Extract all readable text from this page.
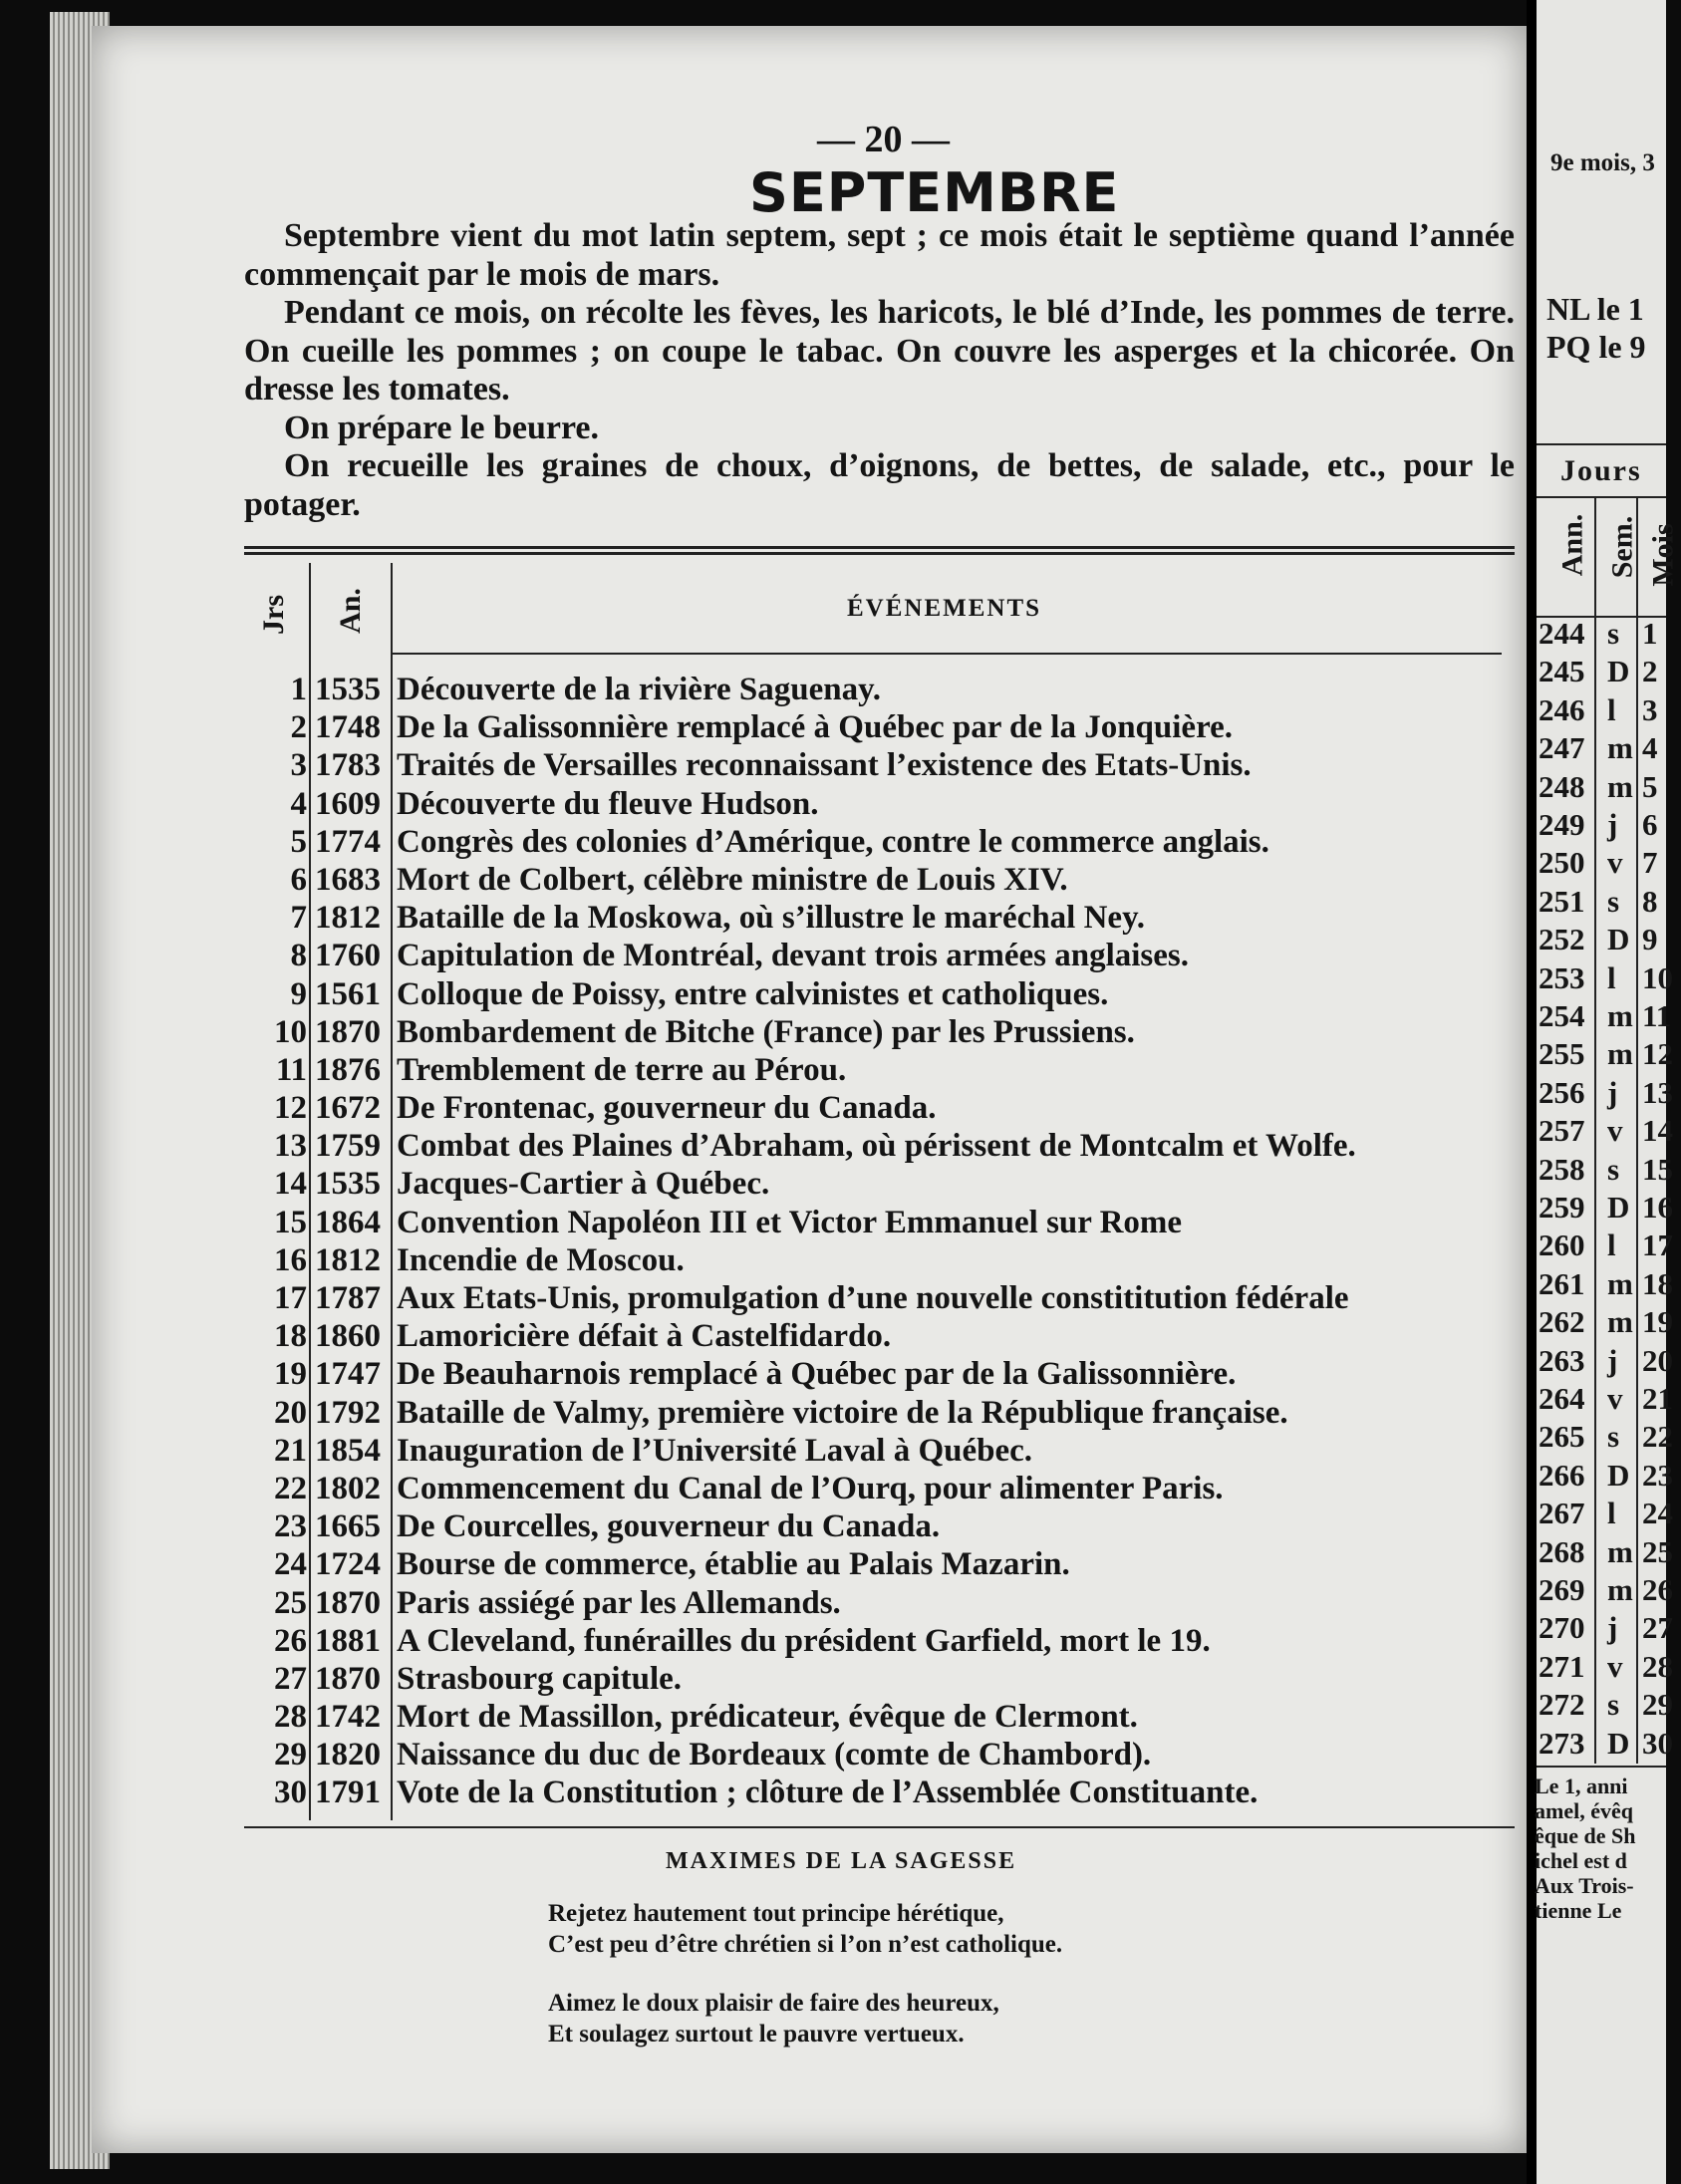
— 20 —
SEPTEMBRE

Septembre vient du mot latin septem, sept ; ce mois était le septième quand l’année commençait par le mois de mars.

Pendant ce mois, on récolte les fèves, les haricots, le blé d’Inde, les pommes de terre. On cueille les pommes ; on coupe le tabac. On couvre les asperges et la chicorée. On dresse les tomates.

On prépare le beurre.

On recueille les graines de choux, d’oignons, de bettes, de salade, etc., pour le potager.

Jrs An.	ÉVÉNEMENTS
1 1535 Découverte de la rivière Saguenay.
2 1748 De la Galissonnière remplacé à Québec par de la Jonquière.
3 1783 Traités de Versailles reconnaissant l’existence des Etats-Unis.
4 1609 Découverte du fleuve Hudson.
5 1774 Congrès des colonies d’Amérique, contre le commerce anglais.
6 1683 Mort de Colbert, célèbre ministre de Louis XIV.
7 1812 Bataille de la Moskowa, où s’illustre le maréchal Ney.
8 1760 Capitulation de Montréal, devant trois armées anglaises.
9 1561 Colloque de Poissy, entre calvinistes et catholiques.
10 1870 Bombardement de Bitche (France) par les Prussiens.
11 1876 Tremblement de terre au Pérou.
12 1672 De Frontenac, gouverneur du Canada.
13 1759 Combat des Plaines d’Abraham, où périssent de Montcalm et Wolfe.
14 1535 Jacques-Cartier à Québec.
15 1864 Convention Napoléon III et Victor Emmanuel sur Rome
16 1812 Incendie de Moscou.
17 1787 Aux Etats-Unis, promulgation d’une nouvelle constititution fédérale
18 1860 Lamoricière défait à Castelfidardo.
19 1747 De Beauharnois remplacé à Québec par de la Galissonnière.
20 1792 Bataille de Valmy, première victoire de la République française.
21 1854 Inauguration de l’Université Laval à Québec.
22 1802 Commencement du Canal de l’Ourq, pour alimenter Paris.
23 1665 De Courcelles, gouverneur du Canada.
24 1724 Bourse de commerce, établie au Palais Mazarin.
25 1870 Paris assiégé par les Allemands.
26 1881 A Cleveland, funérailles du président Garfield, mort le 19.
27 1870 Strasbourg capitule.
28 1742 Mort de Massillon, prédicateur, évêque de Clermont.
29 1820 Naissance du duc de Bordeaux (comte de Chambord).
30 1791 Vote de la Constitution ; clôture de l’Assemblée Constituante.
MAXIMES DE LA SAGESSE
Rejetez hautement tout principe hérétique,
C’est peu d’être chrétien si l’on n’est catholique.
Aimez le doux plaisir de faire des heureux,
Et soulagez surtout le pauvre vertueux.
9e mois, 3
NL le 1
PQ le 9
Jours
Ann. Sem. Mois
244 s 1
245 D 2
246 l 3
247 m 4
248 m 5
249 j 6
250 v 7
251 s 8
252 D 9
253 l 10
254 m 11
255 m 12
256 j 13
257 v 14
258 s 15
259 D 16
260 l 17
261 m 18
262 m 19
263 j 20
264 v 21
265 s 22
266 D 23
267 l 24
268 m 25
269 m 26
270 j 27
271 v 28
272 s 29
273 D 30
Le 1, anni
amel, évêq
êque de Sh
ichel est d
Aux Trois-
tienne Le
